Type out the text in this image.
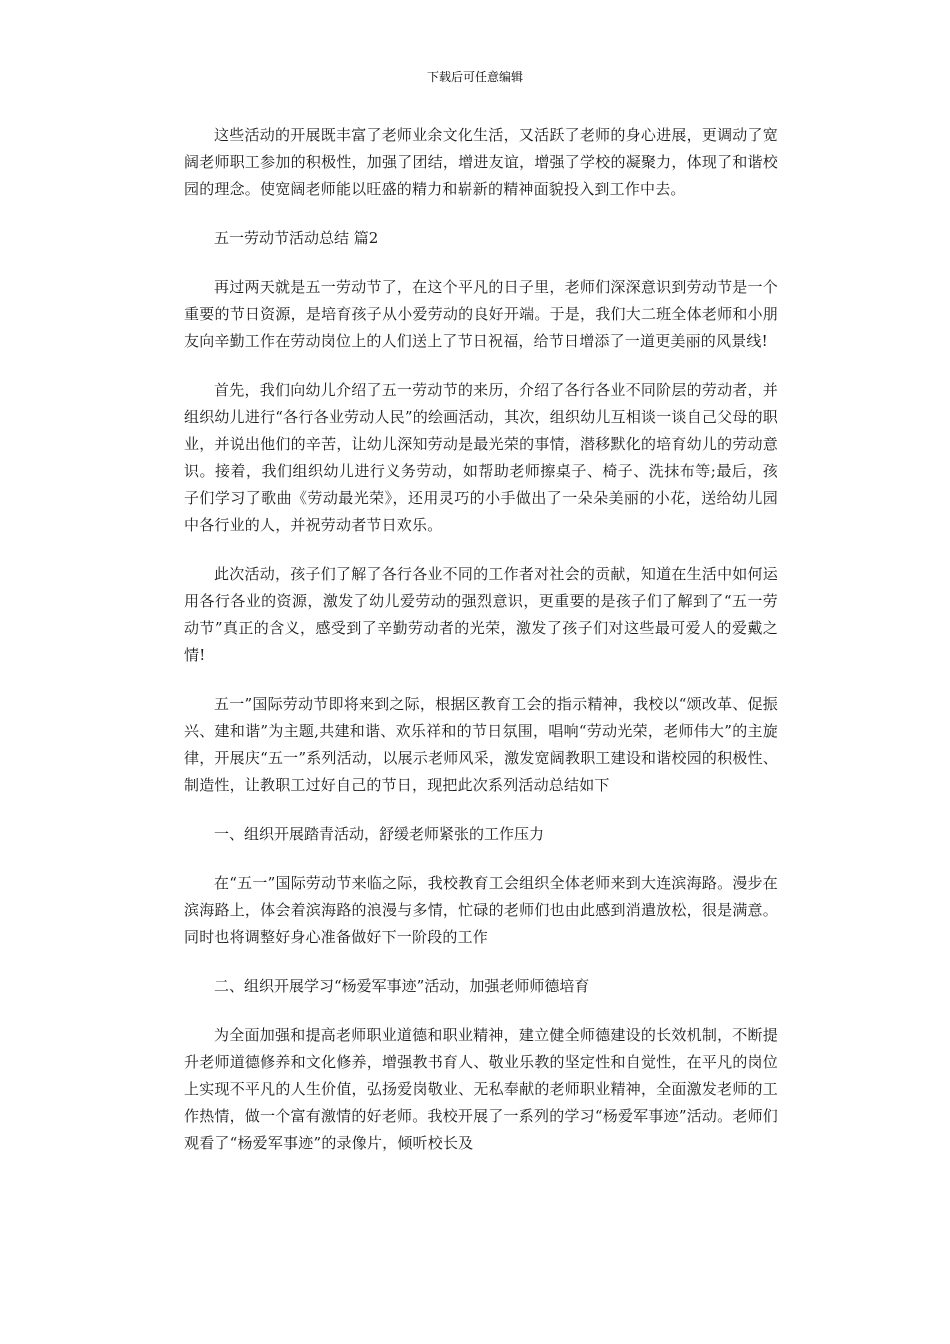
下载后可任意编辑

这些活动的开展既丰富了老师业余文化生活，又活跃了老师的身心进展，更调动了宽阔老师职工参加的积极性，加强了团结，增进友谊，增强了学校的凝聚力，体现了和谐校园的理念。使宽阔老师能以旺盛的精力和崭新的精神面貌投入到工作中去。

五一劳动节活动总结 篇2

再过两天就是五一劳动节了，在这个平凡的日子里，老师们深深意识到劳动节是一个重要的节日资源，是培育孩子从小爱劳动的良好开端。于是，我们大二班全体老师和小朋友向辛勤工作在劳动岗位上的人们送上了节日祝福，给节日增添了一道更美丽的风景线!

首先，我们向幼儿介绍了五一劳动节的来历，介绍了各行各业不同阶层的劳动者，并组织幼儿进行“各行各业劳动人民”的绘画活动，其次，组织幼儿互相谈一谈自己父母的职业，并说出他们的辛苦，让幼儿深知劳动是最光荣的事情，潜移默化的培育幼儿的劳动意识。接着，我们组织幼儿进行义务劳动，如帮助老师擦桌子、椅子、洗抹布等;最后，孩子们学习了歌曲《劳动最光荣》，还用灵巧的小手做出了一朵朵美丽的小花，送给幼儿园中各行业的人，并祝劳动者节日欢乐。

此次活动，孩子们了解了各行各业不同的工作者对社会的贡献，知道在生活中如何运用各行各业的资源，激发了幼儿爱劳动的强烈意识，更重要的是孩子们了解到了“五一劳动节”真正的含义，感受到了辛勤劳动者的光荣，激发了孩子们对这些最可爱人的爱戴之情!

五一”国际劳动节即将来到之际，根据区教育工会的指示精神，我校以“颂改革、促振兴、建和谐”为主题,共建和谐、欢乐祥和的节日氛围，唱响“劳动光荣，老师伟大”的主旋律，开展庆“五一”系列活动，以展示老师风采，激发宽阔教职工建设和谐校园的积极性、制造性，让教职工过好自己的节日，现把此次系列活动总结如下

一、组织开展踏青活动，舒缓老师紧张的工作压力

在“五一”国际劳动节来临之际，我校教育工会组织全体老师来到大连滨海路。漫步在滨海路上，体会着滨海路的浪漫与多情，忙碌的老师们也由此感到消遣放松，很是满意。同时也将调整好身心准备做好下一阶段的工作

二、组织开展学习“杨爱军事迹”活动，加强老师师德培育

为全面加强和提高老师职业道德和职业精神，建立健全师德建设的长效机制，不断提升老师道德修养和文化修养，增强教书育人、敬业乐教的坚定性和自觉性，在平凡的岗位上实现不平凡的人生价值，弘扬爱岗敬业、无私奉献的老师职业精神，全面激发老师的工作热情，做一个富有激情的好老师。我校开展了一系列的学习“杨爱军事迹”活动。老师们观看了“杨爱军事迹”的录像片，倾听校长及
